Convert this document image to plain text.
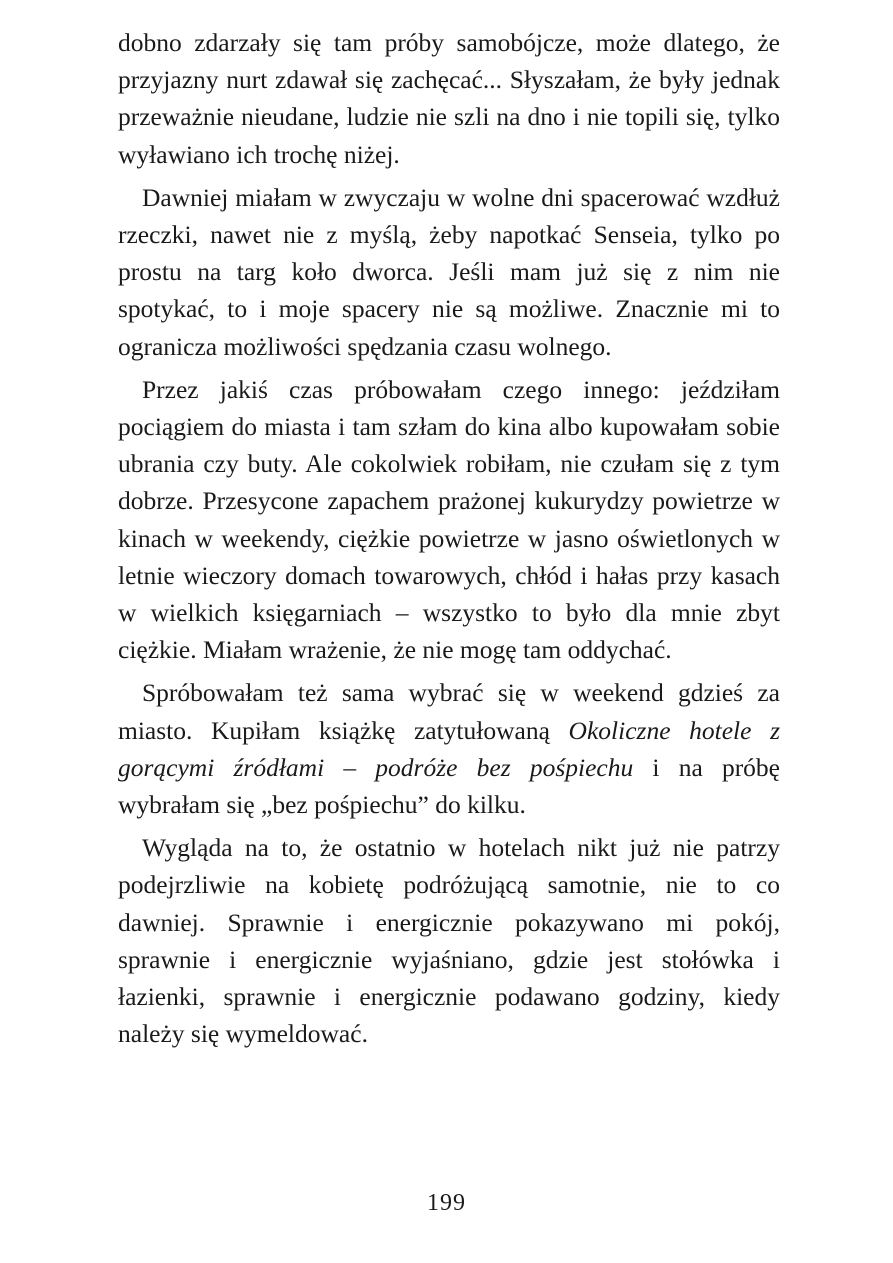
dobno zdarzały się tam próby samobójcze, może dlatego, że przyjazny nurt zdawał się zachęcać... Słyszałam, że były jednak przeważnie nieudane, ludzie nie szli na dno i nie topili się, tylko wyławiano ich trochę niżej.

Dawniej miałam w zwyczaju w wolne dni spacerować wzdłuż rzeczki, nawet nie z myślą, żeby napotkać Senseia, tylko po prostu na targ koło dworca. Jeśli mam już się z nim nie spotykać, to i moje spacery nie są możliwe. Znacznie mi to ogranicza możliwości spędzania czasu wolnego.

Przez jakiś czas próbowałam czego innego: jeździłam pociągiem do miasta i tam szłam do kina albo kupowałam sobie ubrania czy buty. Ale cokolwiek robiłam, nie czułam się z tym dobrze. Przesycone zapachem prażonej kukurydzy powietrze w kinach w weekendy, ciężkie powietrze w jasno oświetlonych w letnie wieczory domach towarowych, chłód i hałas przy kasach w wielkich księgarniach – wszystko to było dla mnie zbyt ciężkie. Miałam wrażenie, że nie mogę tam oddychać.

Spróbowałam też sama wybrać się w weekend gdzieś za miasto. Kupiłam książkę zatytułowaną Okoliczne hotele z gorącymi źródłami – podróże bez pośpiechu i na próbę wybrałam się „bez pośpiechu” do kilku.

Wygląda na to, że ostatnio w hotelach nikt już nie patrzy podejrzliwie na kobietę podróżującą samotnie, nie to co dawniej. Sprawnie i energicznie pokazywano mi pokój, sprawnie i energicznie wyjaśniano, gdzie jest stołówka i łazienki, sprawnie i energicznie podawano godziny, kiedy należy się wymeldować.

199
